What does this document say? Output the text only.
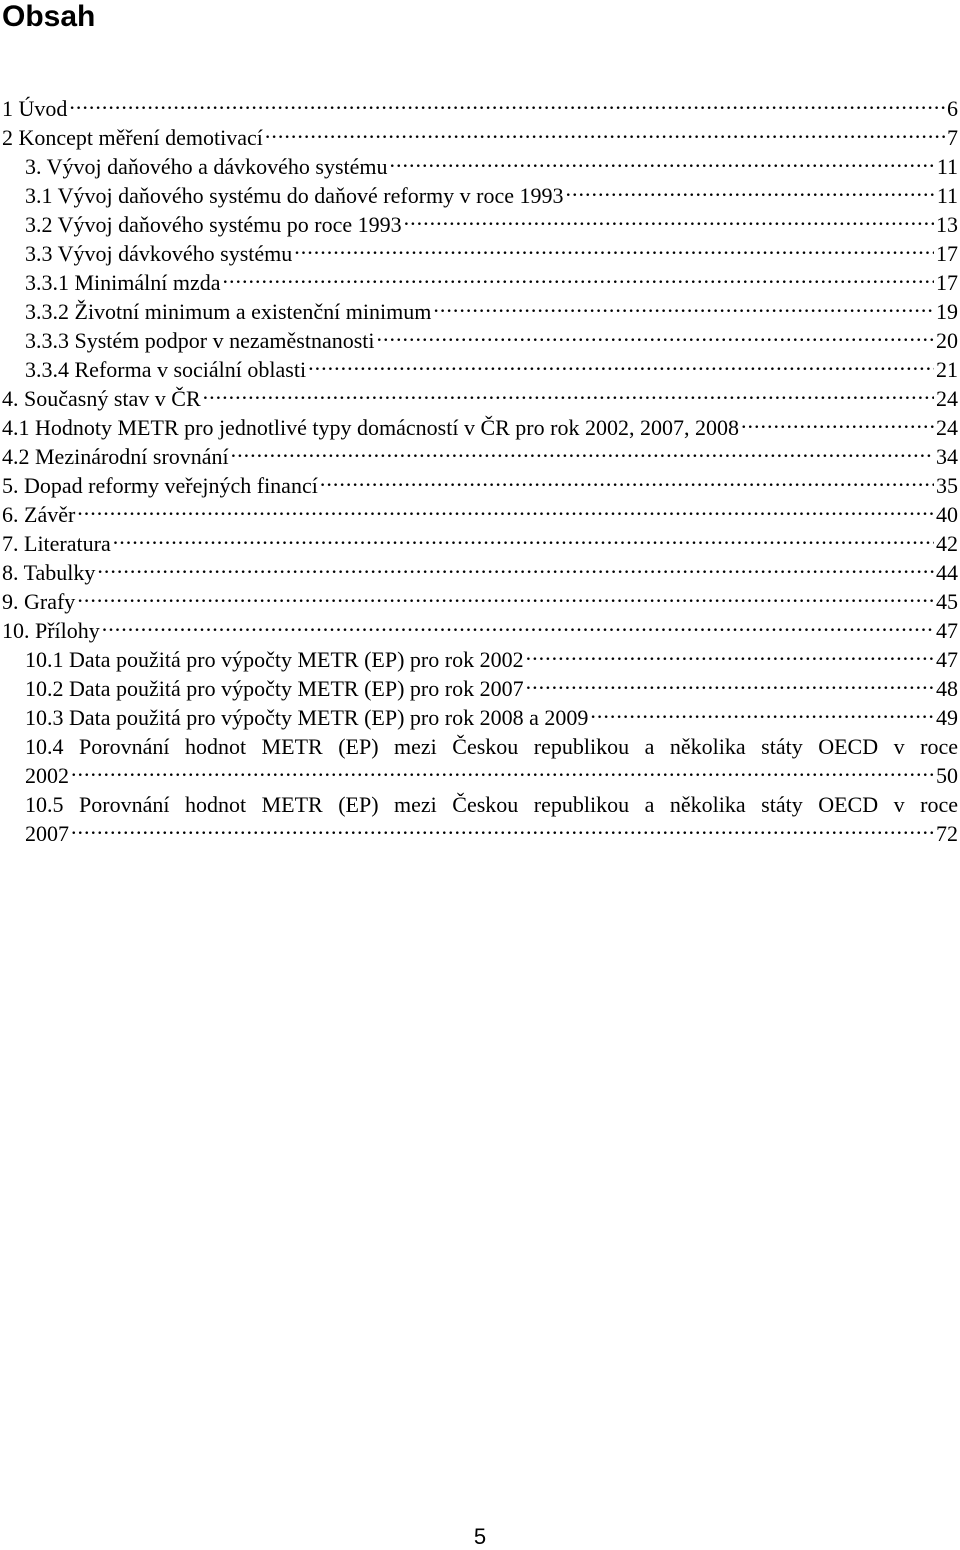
Obsah
1 Úvod .....	6
2 Koncept měření demotivací .....	7
3. Vývoj daňového a dávkového systému .....	11
3.1 Vývoj daňového systému do daňové reformy v roce 1993 .....	11
3.2 Vývoj daňového systému po roce 1993 .....	13
3.3 Vývoj dávkového systému .....	17
3.3.1 Minimální mzda .....	17
3.3.2 Životní minimum a existenční minimum .....	19
3.3.3 Systém podpor v nezaměstnanosti .....	20
3.3.4 Reforma v sociální oblasti .....	21
4. Současný stav v ČR .....	24
4.1 Hodnoty METR pro jednotlivé typy domácností v ČR pro rok 2002, 2007, 2008 .....	24
4.2 Mezinárodní srovnání .....	34
5. Dopad reformy veřejných financí .....	35
6. Závěr .....	40
7. Literatura .....	42
8. Tabulky .....	44
9. Grafy .....	45
10. Přílohy .....	47
10.1 Data použitá pro výpočty METR (EP) pro rok 2002 .....	47
10.2 Data použitá pro výpočty METR (EP) pro rok 2007 .....	48
10.3 Data použitá pro výpočty METR (EP) pro rok 2008 a 2009 .....	49
10.4 Porovnání hodnot METR (EP) mezi Českou republikou a několika státy OECD v roce
2002 .....	50
10.5 Porovnání hodnot METR (EP) mezi Českou republikou a několika státy OECD v roce
2007 .....	72
5
